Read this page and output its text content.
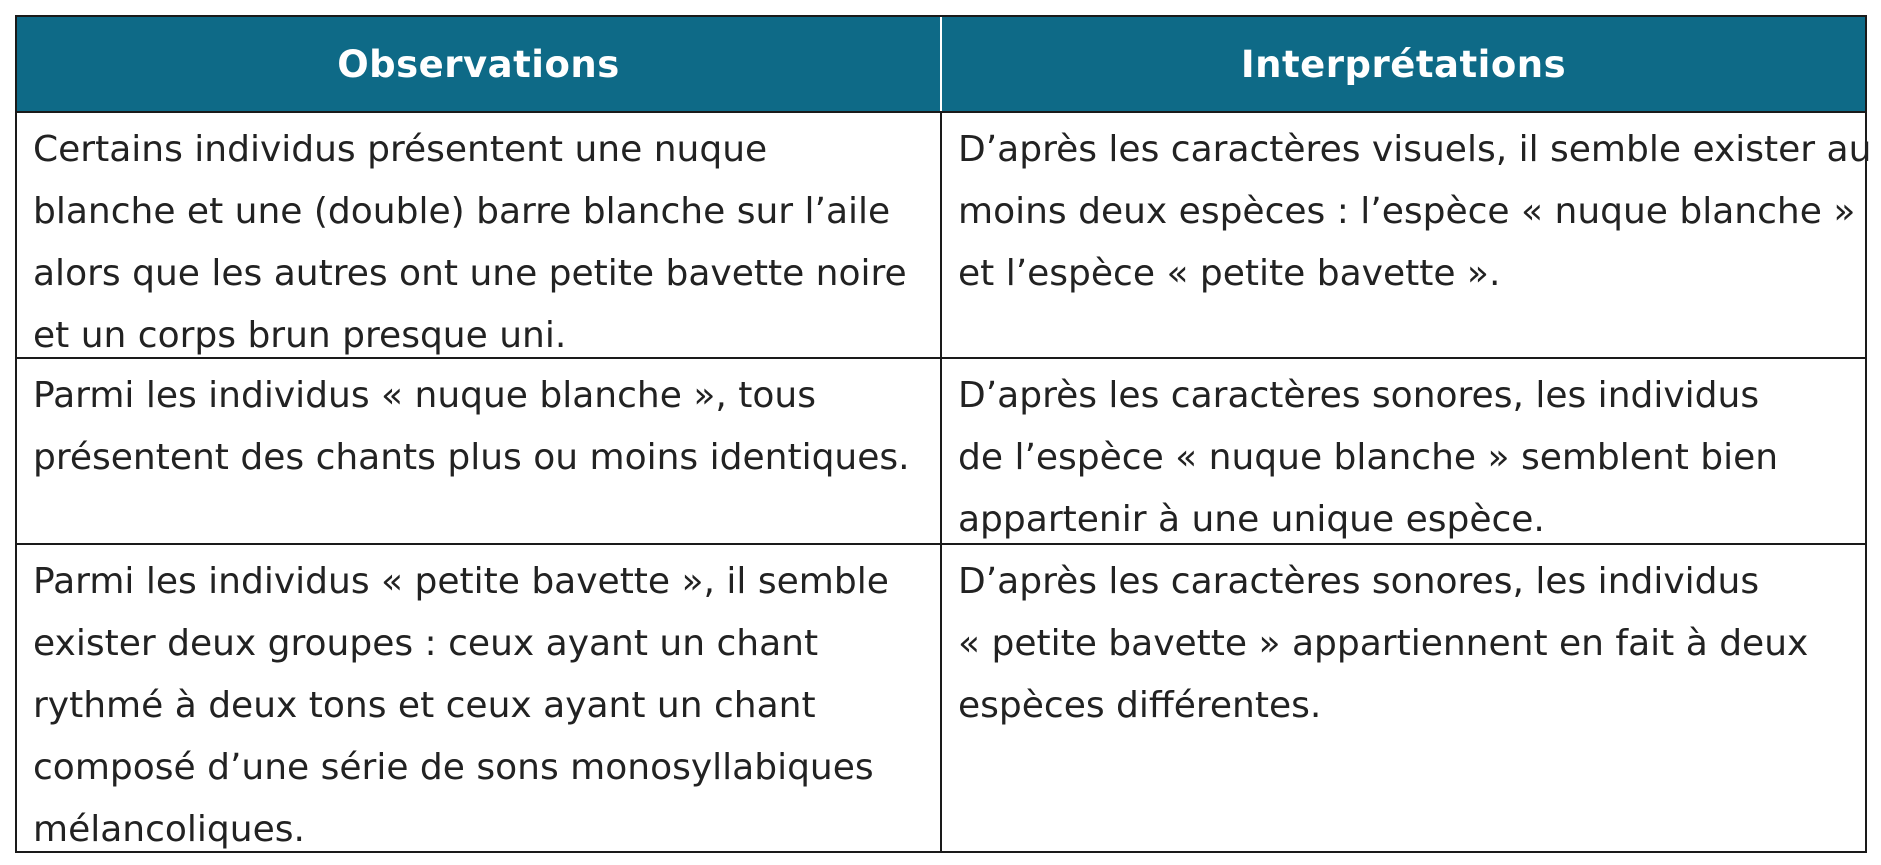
Observations	Interprétations
Certains individus présentent une nuque
blanche et une (double) barre blanche sur l’aile
alors que les autres ont une petite bavette noire
et un corps brun presque uni.
D’après les caractères visuels, il semble exister au
moins deux espèces : l’espèce « nuque blanche »
et l’espèce « petite bavette ».
Parmi les individus « nuque blanche », tous
présentent des chants plus ou moins identiques.
D’après les caractères sonores, les individus
de l’espèce « nuque blanche » semblent bien
appartenir à une unique espèce.
Parmi les individus « petite bavette », il semble
exister deux groupes : ceux ayant un chant
rythmé à deux tons et ceux ayant un chant
composé d’une série de sons monosyllabiques
mélancoliques.
D’après les caractères sonores, les individus
« petite bavette » appartiennent en fait à deux
espèces différentes.
